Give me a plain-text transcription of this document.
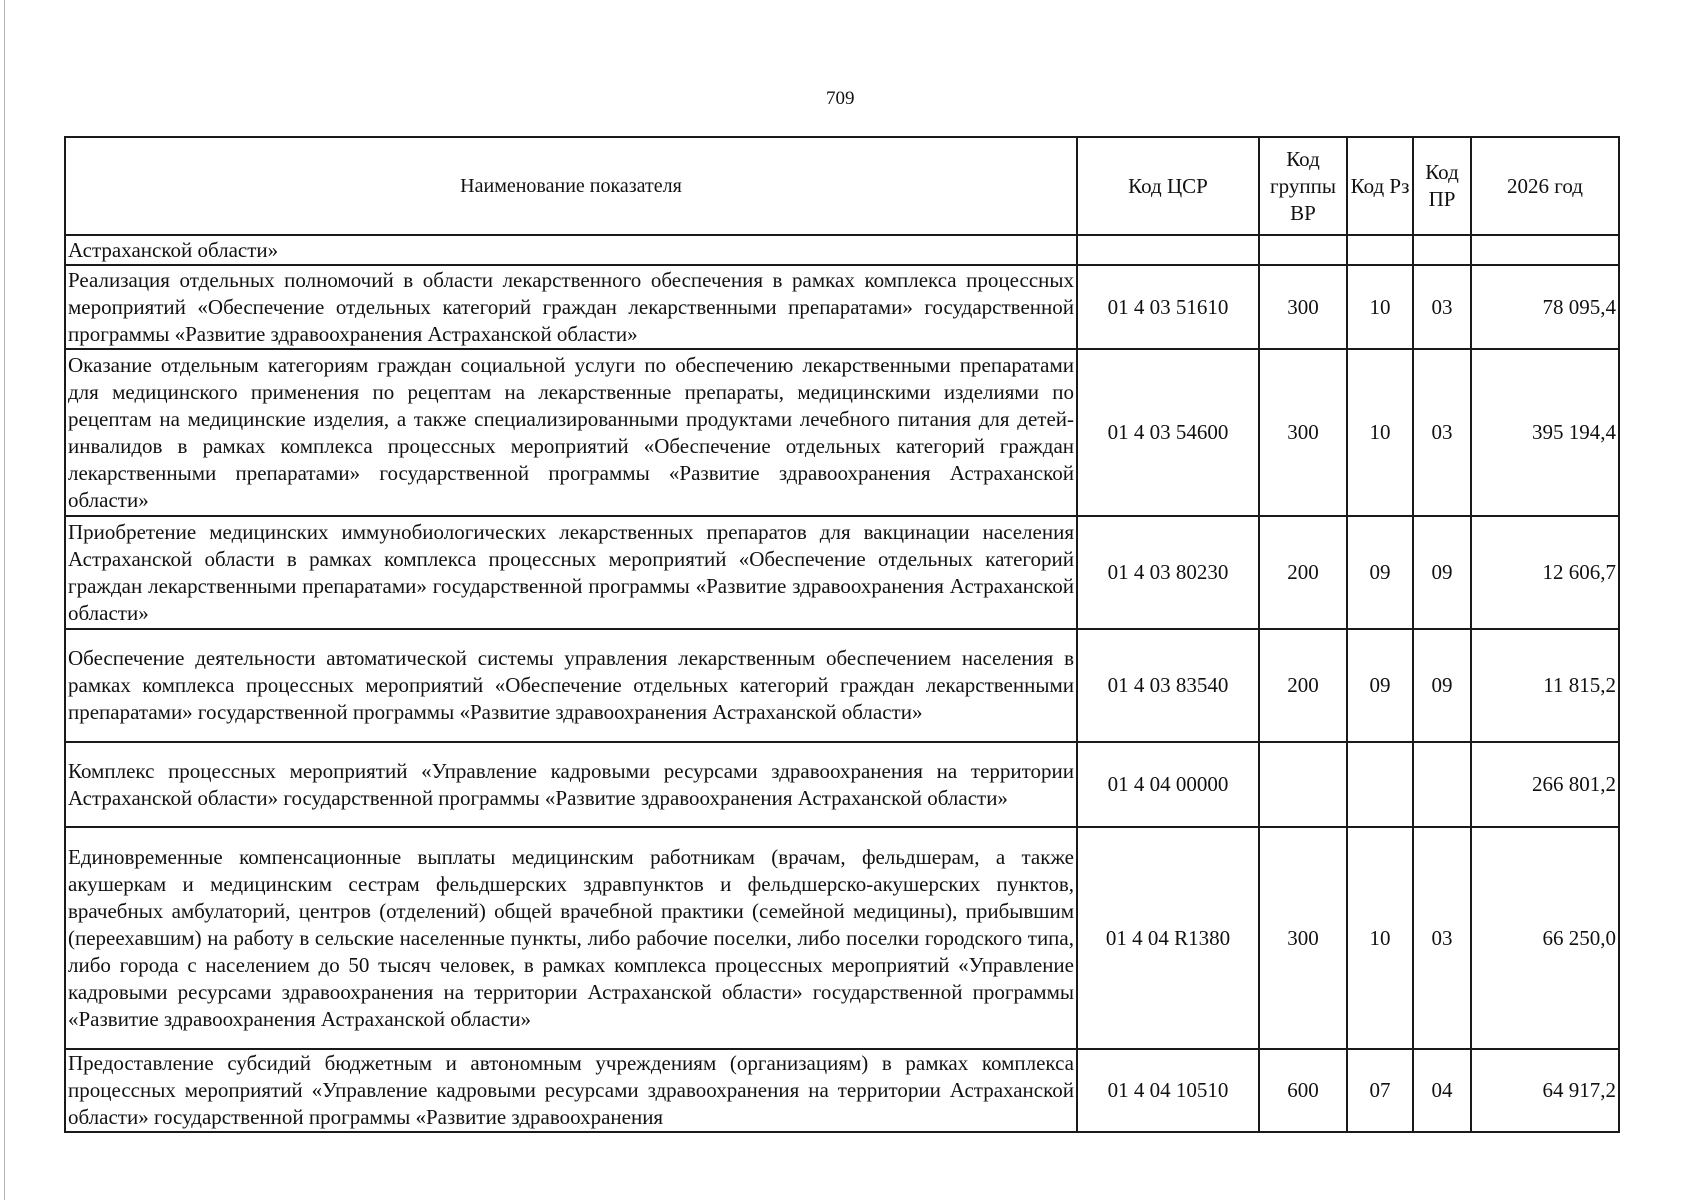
709
Наименование показателя	Код ЦСР	Код группы ВР	Код Рз	Код ПР	2026 год
Астраханской области»					
Реализация отдельных полномочий в области лекарственного обеспечения в рамках комплекса процессных мероприятий «Обеспечение отдельных категорий граждан лекарственными препаратами» государственной программы «Развитие здравоохранения Астраханской области»	01 4 03 51610	300	10	03	78 095,4
Оказание отдельным категориям граждан социальной услуги по обеспечению лекарственными препаратами для медицинского применения по рецептам на лекарственные препараты, медицинскими изделиями по рецептам на медицинские изделия, а также специализированными продуктами лечебного питания для детей-инвалидов в рамках комплекса процессных мероприятий «Обеспечение отдельных категорий граждан лекарственными препаратами» государственной программы «Развитие здравоохранения Астраханской области»	01 4 03 54600	300	10	03	395 194,4
Приобретение медицинских иммунобиологических лекарственных препаратов для вакцинации населения Астраханской области в рамках комплекса процессных мероприятий «Обеспечение отдельных категорий граждан лекарственными препаратами» государственной программы «Развитие здравоохранения Астраханской области»	01 4 03 80230	200	09	09	12 606,7
Обеспечение деятельности автоматической системы управления лекарственным обеспечением населения в рамках комплекса процессных мероприятий «Обеспечение отдельных категорий граждан лекарственными препаратами» государственной программы «Развитие здравоохранения Астраханской области»	01 4 03 83540	200	09	09	11 815,2
Комплекс процессных мероприятий «Управление кадровыми ресурсами здравоохранения на территории Астраханской области» государственной программы «Развитие здравоохранения Астраханской области»	01 4 04 00000				266 801,2
Единовременные компенсационные выплаты медицинским работникам (врачам, фельдшерам, а также акушеркам и медицинским сестрам фельдшерских здравпунктов и фельдшерско-акушерских пунктов, врачебных амбулаторий, центров (отделений) общей врачебной практики (семейной медицины), прибывшим (переехавшим) на работу в сельские населенные пункты, либо рабочие поселки, либо поселки городского типа, либо города с населением до 50 тысяч человек, в рамках комплекса процессных мероприятий «Управление кадровыми ресурсами здравоохранения на территории Астраханской области» государственной программы «Развитие здравоохранения Астраханской области»	01 4 04 R1380	300	10	03	66 250,0

Предоставление субсидий бюджетным и автономным учреждениям (организациям) в рамках комплекса процессных мероприятий «Управление кадровыми ресурсами здравоохранения на территории Астраханской области» государственной программы «Развитие здравоохранения	01 4 04 10510	600	07	04	64 917,2
